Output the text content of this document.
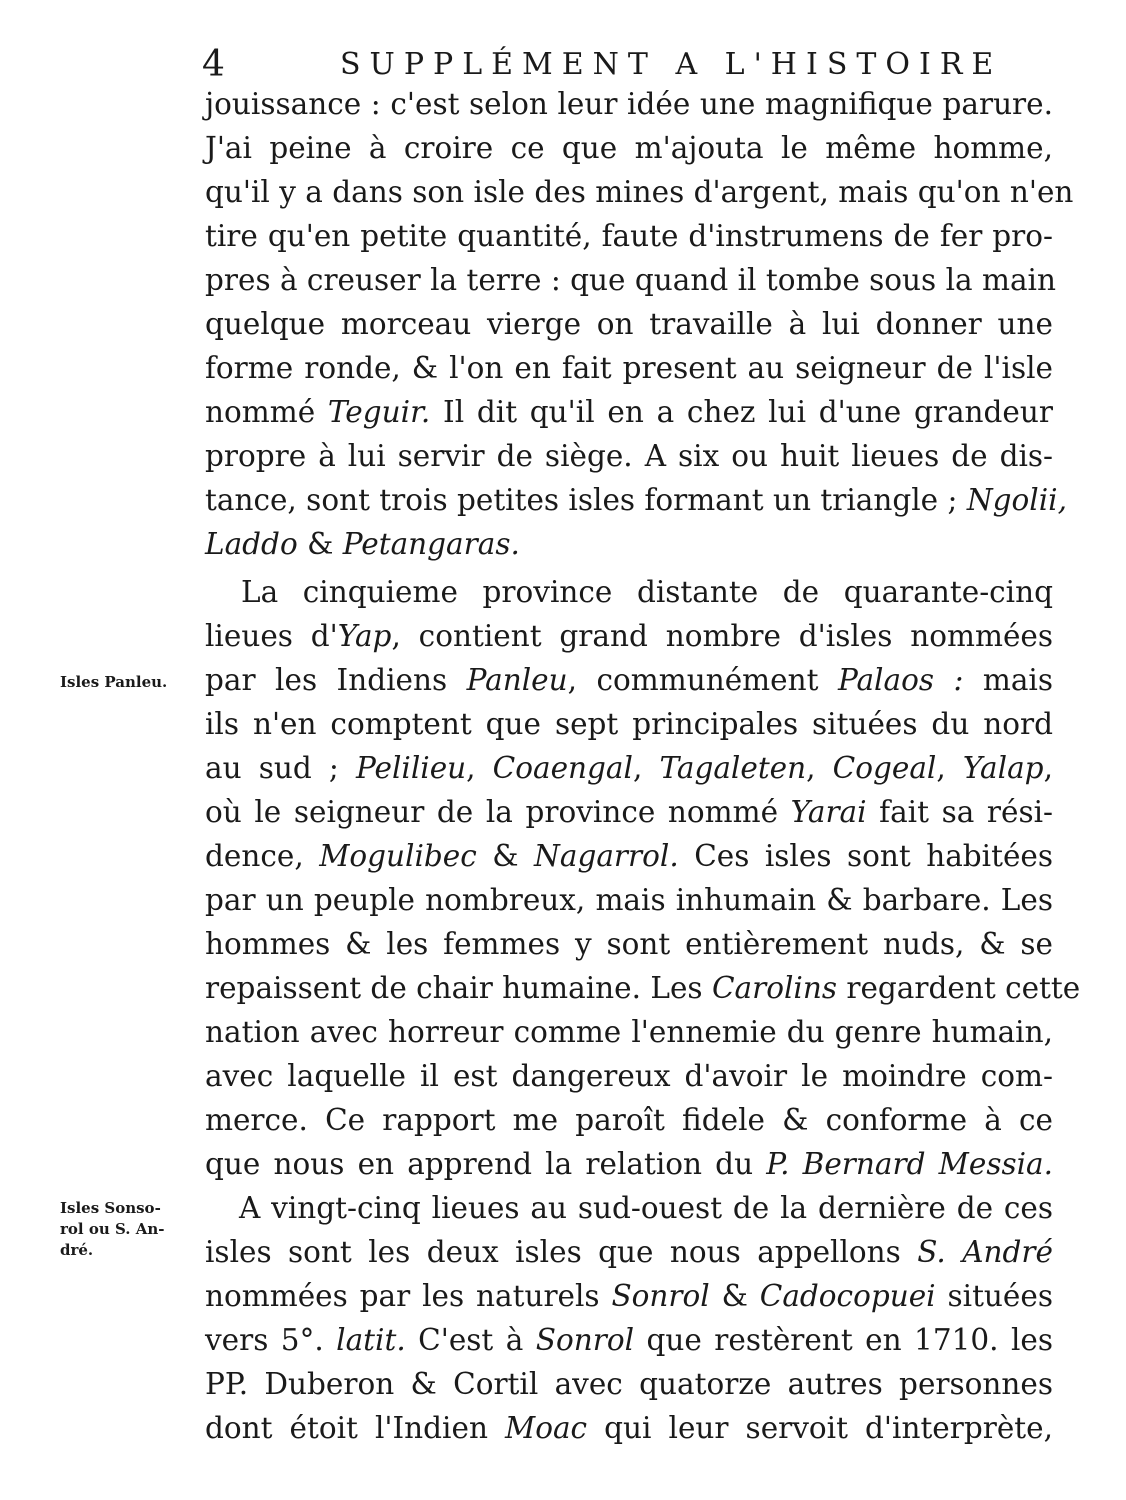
4	SUPPLÉMENT A L'HISTOIRE
Isles Panleu.
Isles Sonso-
rol ou S. An-
dré.
jouissance : c'est selon leur idée une magnifique parure.
J'ai peine à croire ce que m'ajouta le même homme,
qu'il y a dans son isle des mines d'argent, mais qu'on n'en
tire qu'en petite quantité, faute d'instrumens de fer pro-
pres à creuser la terre : que quand il tombe sous la main
quelque morceau vierge on travaille à lui donner une
forme ronde, & l'on en fait present au seigneur de l'isle
nommé Teguir. Il dit qu'il en a chez lui d'une grandeur
propre à lui servir de siège. A six ou huit lieues de dis-
tance, sont trois petites isles formant un triangle ; Ngolii,
Laddo & Petangaras.
La cinquieme province distante de quarante-cinq
lieues d'Yap, contient grand nombre d'isles nommées
par les Indiens Panleu, communément Palaos : mais
ils n'en comptent que sept principales situées du nord
au sud ; Pelilieu, Coaengal, Tagaleten, Cogeal, Yalap,
où le seigneur de la province nommé Yarai fait sa rési-
dence, Mogulibec & Nagarrol. Ces isles sont habitées
par un peuple nombreux, mais inhumain & barbare. Les
hommes & les femmes y sont entièrement nuds, & se
repaissent de chair humaine. Les Carolins regardent cette
nation avec horreur comme l'ennemie du genre humain,
avec laquelle il est dangereux d'avoir le moindre com-
merce. Ce rapport me paroît fidele & conforme à ce
que nous en apprend la relation du P. Bernard Messia.
A vingt-cinq lieues au sud-ouest de la dernière de ces
isles sont les deux isles que nous appellons S. André
nommées par les naturels Sonrol & Cadocopuei situées
vers 5°. latit. C'est à Sonrol que restèrent en 1710. les
PP. Duberon & Cortil avec quatorze autres personnes
dont étoit l'Indien Moac qui leur servoit d'interprète,
